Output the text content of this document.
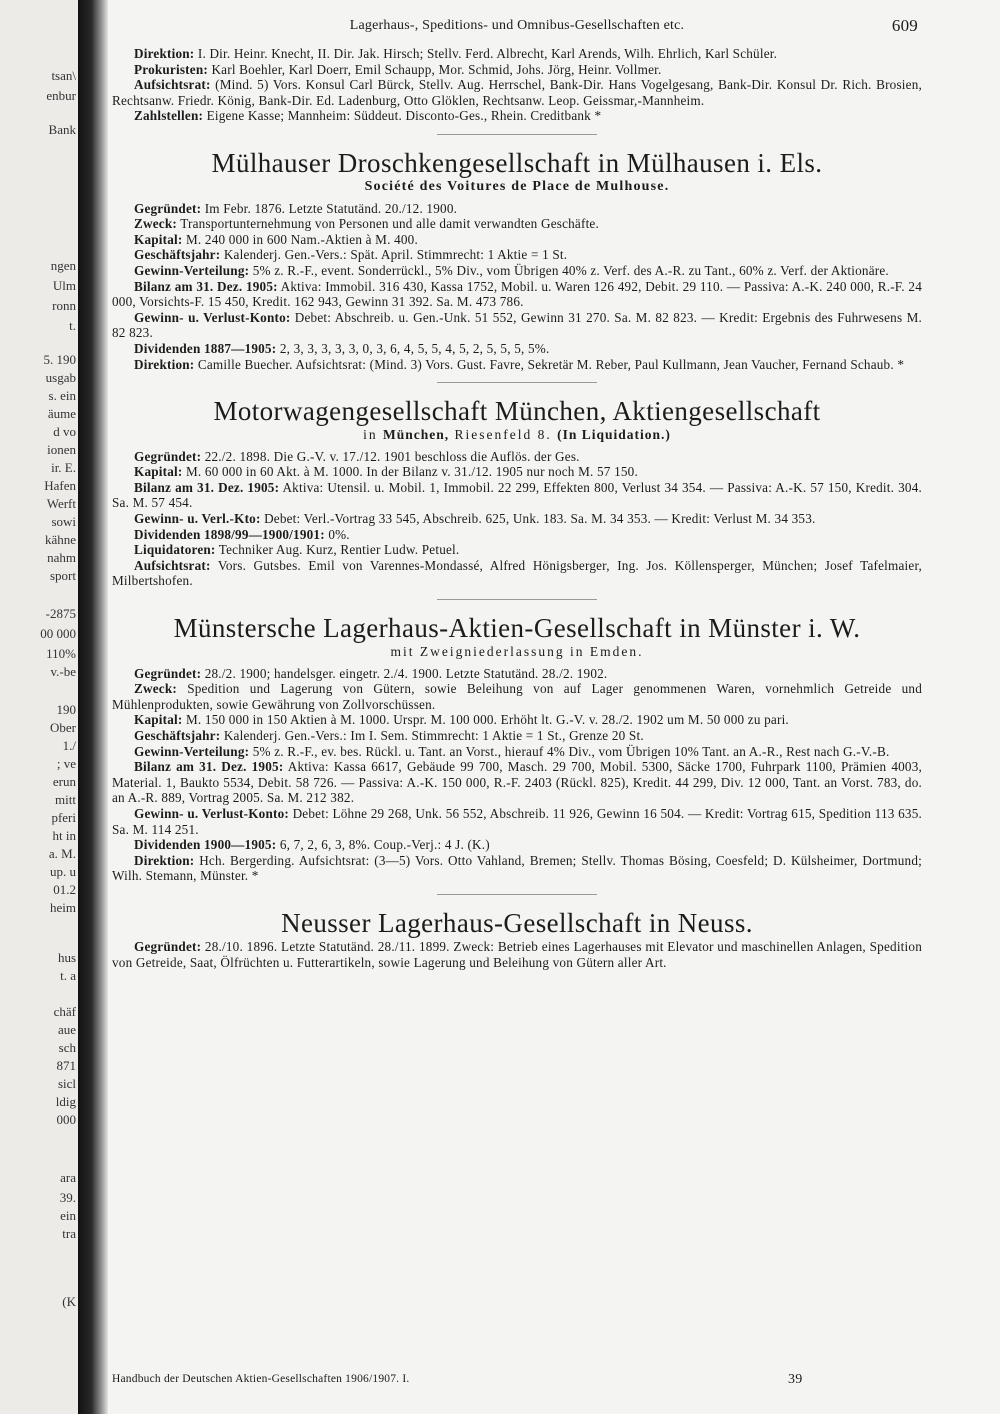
tsan\
enbur
Bank
ngen
Ulm
ronn
t.
5. 190
usgab
s. ein
äume
d vo
ionen
ir. E.
Hafen
Werft
sowi
kähne
nahm
sport
-2875
00 000
110%
v.-be
190
Ober
1./
; ve
erun
mitt
pferi
ht in
a. M.
up. u
01.2
heim
hus
t. a
chäf
aue
sch
871
sicl
ldig
000
ara
39.
ein
tra
(K
Lagerhaus-, Speditions- und Omnibus-Gesellschaften etc.	609

Direktion: I. Dir. Heinr. Knecht, II. Dir. Jak. Hirsch; Stellv. Ferd. Albrecht, Karl Arends, Wilh. Ehrlich, Karl Schüler.

Prokuristen: Karl Boehler, Karl Doerr, Emil Schaupp, Mor. Schmid, Johs. Jörg, Heinr. Vollmer.

Aufsichtsrat: (Mind. 5) Vors. Konsul Carl Bürck, Stellv. Aug. Herrschel, Bank-Dir. Hans Vogelgesang, Bank-Dir. Konsul Dr. Rich. Brosien, Rechtsanw. Friedr. König, Bank-Dir. Ed. Ladenburg, Otto Glöklen, Rechtsanw. Leop. Geissmar,-Mannheim.

Zahlstellen: Eigene Kasse; Mannheim: Süddeut. Disconto-Ges., Rhein. Creditbank *

Mülhauser Droschkengesellschaft in Mülhausen i. Els.
Société des Voitures de Place de Mulhouse.

Gegründet: Im Febr. 1876. Letzte Statutänd. 20./12. 1900.

Zweck: Transportunternehmung von Personen und alle damit verwandten Geschäfte.

Kapital: M. 240 000 in 600 Nam.-Aktien à M. 400.

Geschäftsjahr: Kalenderj. Gen.-Vers.: Spät. April. Stimmrecht: 1 Aktie = 1 St.

Gewinn-Verteilung: 5% z. R.-F., event. Sonderrückl., 5% Div., vom Übrigen 40% z. Verf. des A.-R. zu Tant., 60% z. Verf. der Aktionäre.

Bilanz am 31. Dez. 1905: Aktiva: Immobil. 316 430, Kassa 1752, Mobil. u. Waren 126 492, Debit. 29 110. — Passiva: A.-K. 240 000, R.-F. 24 000, Vorsichts-F. 15 450, Kredit. 162 943, Gewinn 31 392. Sa. M. 473 786.

Gewinn- u. Verlust-Konto: Debet: Abschreib. u. Gen.-Unk. 51 552, Gewinn 31 270. Sa. M. 82 823. — Kredit: Ergebnis des Fuhrwesens M. 82 823.

Dividenden 1887—1905: 2, 3, 3, 3, 3, 3, 0, 3, 6, 4, 5, 5, 4, 5, 2, 5, 5, 5, 5%.

Direktion: Camille Buecher. Aufsichtsrat: (Mind. 3) Vors. Gust. Favre, Sekretär M. Reber, Paul Kullmann, Jean Vaucher, Fernand Schaub. *

Motorwagengesellschaft München, Aktiengesellschaft
in München, Riesenfeld 8. (In Liquidation.)

Gegründet: 22./2. 1898. Die G.-V. v. 17./12. 1901 beschloss die Auflös. der Ges.

Kapital: M. 60 000 in 60 Akt. à M. 1000. In der Bilanz v. 31./12. 1905 nur noch M. 57 150.

Bilanz am 31. Dez. 1905: Aktiva: Utensil. u. Mobil. 1, Immobil. 22 299, Effekten 800, Verlust 34 354. — Passiva: A.-K. 57 150, Kredit. 304. Sa. M. 57 454.

Gewinn- u. Verl.-Kto: Debet: Verl.-Vortrag 33 545, Abschreib. 625, Unk. 183. Sa. M. 34 353. — Kredit: Verlust M. 34 353.

Dividenden 1898/99—1900/1901: 0%.

Liquidatoren: Techniker Aug. Kurz, Rentier Ludw. Petuel.

Aufsichtsrat: Vors. Gutsbes. Emil von Varennes-Mondassé, Alfred Hönigsberger, Ing. Jos. Köllensperger, München; Josef Tafelmaier, Milbertshofen.

Münstersche Lagerhaus-Aktien-Gesellschaft in Münster i. W.
mit Zweigniederlassung in Emden.

Gegründet: 28./2. 1900; handelsger. eingetr. 2./4. 1900. Letzte Statutänd. 28./2. 1902.

Zweck: Spedition und Lagerung von Gütern, sowie Beleihung von auf Lager genommenen Waren, vornehmlich Getreide und Mühlenprodukten, sowie Gewährung von Zollvorschüssen.

Kapital: M. 150 000 in 150 Aktien à M. 1000. Urspr. M. 100 000. Erhöht lt. G.-V. v. 28./2. 1902 um M. 50 000 zu pari.

Geschäftsjahr: Kalenderj. Gen.-Vers.: Im I. Sem. Stimmrecht: 1 Aktie = 1 St., Grenze 20 St.

Gewinn-Verteilung: 5% z. R.-F., ev. bes. Rückl. u. Tant. an Vorst., hierauf 4% Div., vom Übrigen 10% Tant. an A.-R., Rest nach G.-V.-B.

Bilanz am 31. Dez. 1905: Aktiva: Kassa 6617, Gebäude 99 700, Masch. 29 700, Mobil. 5300, Säcke 1700, Fuhrpark 1100, Prämien 4003, Material. 1, Baukto 5534, Debit. 58 726. — Passiva: A.-K. 150 000, R.-F. 2403 (Rückl. 825), Kredit. 44 299, Div. 12 000, Tant. an Vorst. 783, do. an A.-R. 889, Vortrag 2005. Sa. M. 212 382.

Gewinn- u. Verlust-Konto: Debet: Löhne 29 268, Unk. 56 552, Abschreib. 11 926, Gewinn 16 504. — Kredit: Vortrag 615, Spedition 113 635. Sa. M. 114 251.

Dividenden 1900—1905: 6, 7, 2, 6, 3, 8%. Coup.-Verj.: 4 J. (K.)

Direktion: Hch. Bergerding. Aufsichtsrat: (3—5) Vors. Otto Vahland, Bremen; Stellv. Thomas Bösing, Coesfeld; D. Külsheimer, Dortmund; Wilh. Stemann, Münster. *

Neusser Lagerhaus-Gesellschaft in Neuss.

Gegründet: 28./10. 1896. Letzte Statutänd. 28./11. 1899. Zweck: Betrieb eines Lagerhauses mit Elevator und maschinellen Anlagen, Spedition von Getreide, Saat, Ölfrüchten u. Futterartikeln, sowie Lagerung und Beleihung von Gütern aller Art.

Handbuch der Deutschen Aktien-Gesellschaften 1906/1907. I.	39
